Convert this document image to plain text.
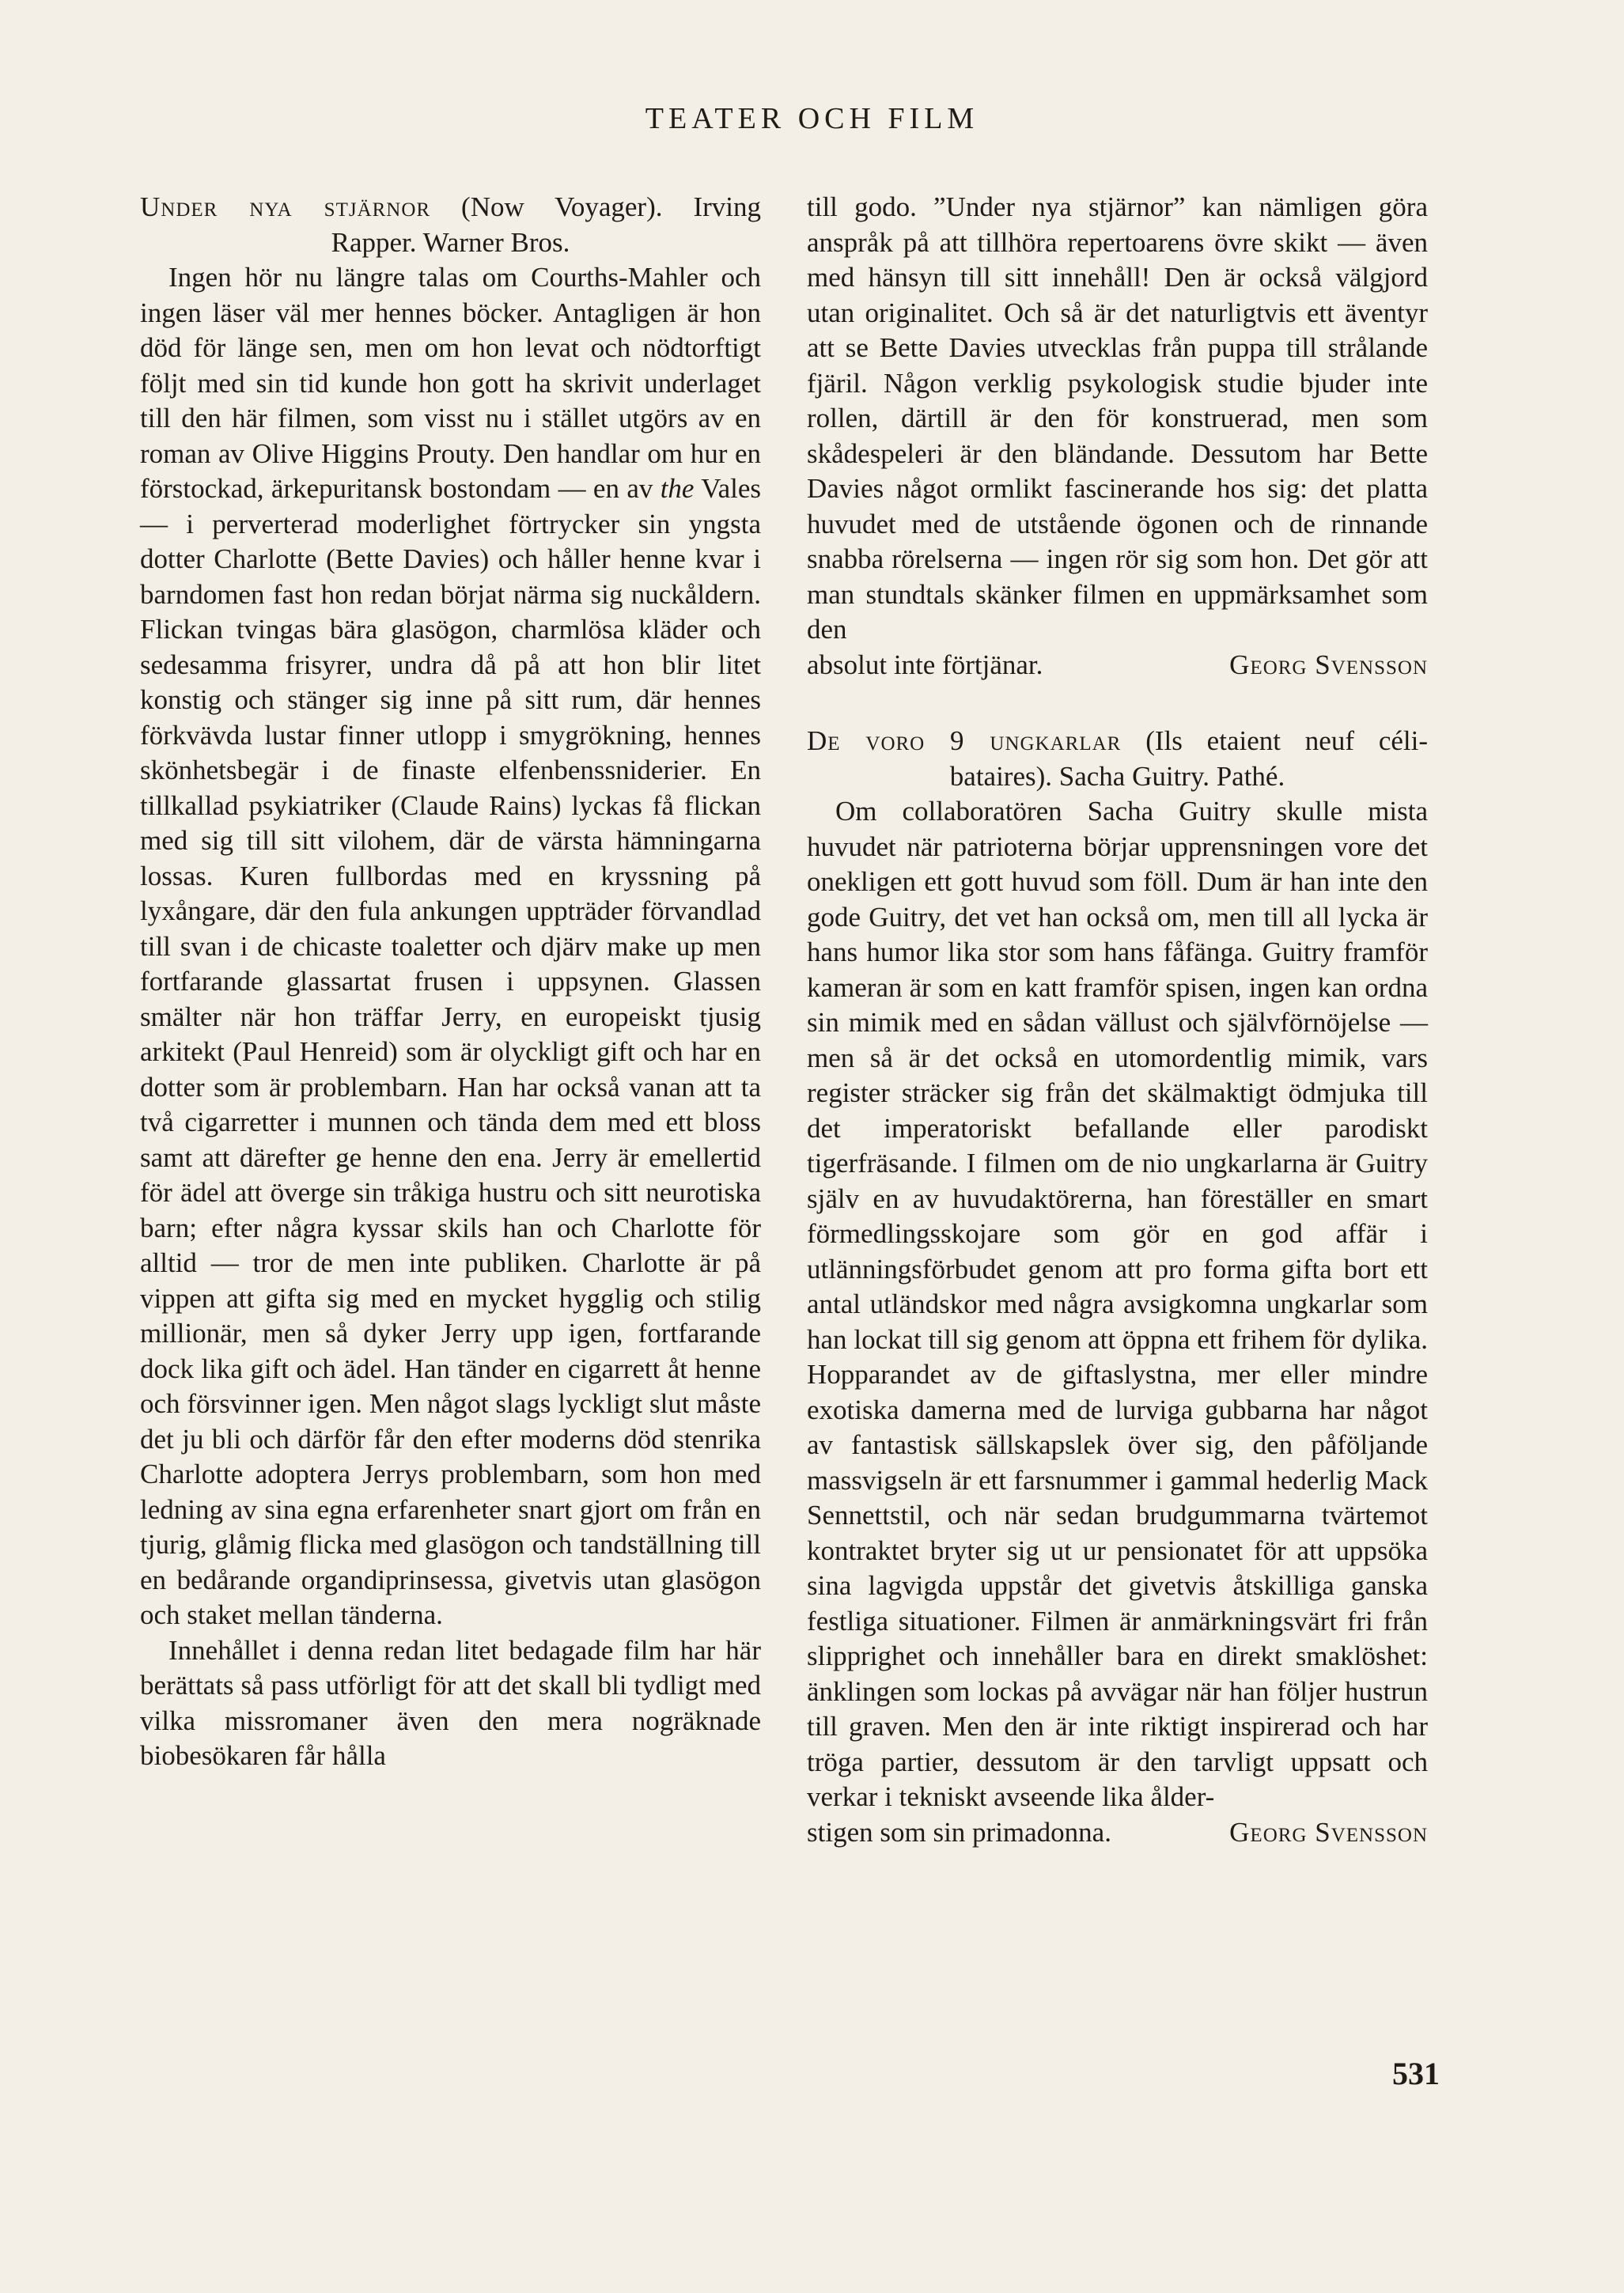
TEATER OCH FILM

Under nya stjärnor (Now Voyager). Irving

Rapper. Warner Bros.

Ingen hör nu längre talas om Courths-Mahler och ingen läser väl mer hennes böcker. Antagligen är hon död för länge sen, men om hon levat och nödtorftigt följt med sin tid kunde hon gott ha skrivit underlaget till den här filmen, som visst nu i stället utgörs av en roman av Olive Higgins Prouty. Den handlar om hur en förstockad, ärkepuritansk bostondam — en av the Vales — i perverterad moderlighet förtrycker sin yngsta dotter Charlotte (Bette Davies) och håller henne kvar i barndomen fast hon redan börjat närma sig nuckåldern. Flickan tvingas bära glasögon, charmlösa kläder och sedesamma frisyrer, undra då på att hon blir litet konstig och stänger sig inne på sitt rum, där hennes förkvävda lustar finner utlopp i smygrökning, hennes skönhetsbegär i de finaste elfenbenssniderier. En tillkallad psykiatriker (Claude Rains) lyckas få flickan med sig till sitt vilohem, där de värsta hämningarna lossas. Kuren fullbordas med en kryssning på lyxångare, där den fula ankungen uppträder förvandlad till svan i de chicaste toaletter och djärv make up men fortfarande glassartat frusen i uppsynen. Glassen smälter när hon träffar Jerry, en europeiskt tjusig arkitekt (Paul Henreid) som är olyckligt gift och har en dotter som är problembarn. Han har också vanan att ta två cigarretter i munnen och tända dem med ett bloss samt att därefter ge henne den ena. Jerry är emellertid för ädel att överge sin tråkiga hustru och sitt neurotiska barn; efter några kyssar skils han och Charlotte för alltid — tror de men inte publiken. Charlotte är på vippen att gifta sig med en mycket hygglig och stilig millionär, men så dyker Jerry upp igen, fortfarande dock lika gift och ädel. Han tänder en cigarrett åt henne och försvinner igen. Men något slags lyckligt slut måste det ju bli och därför får den efter moderns död stenrika Charlotte adoptera Jerrys problembarn, som hon med ledning av sina egna erfarenheter snart gjort om från en tjurig, glåmig flicka med glasögon och tandställning till en bedårande organdiprinsessa, givetvis utan glasögon och staket mellan tänderna.

Innehållet i denna redan litet bedagade film har här berättats så pass utförligt för att det skall bli tydligt med vilka missromaner även den mera nogräknade biobesökaren får hålla

till godo. ”Under nya stjärnor” kan nämligen göra anspråk på att tillhöra repertoarens övre skikt — även med hänsyn till sitt innehåll! Den är också välgjord utan originalitet. Och så är det naturligtvis ett äventyr att se Bette Davies utvecklas från puppa till strålande fjäril. Någon verklig psykologisk studie bjuder inte rollen, därtill är den för konstruerad, men som skådespeleri är den bländande. Dessutom har Bette Davies något ormlikt fascinerande hos sig: det platta huvudet med de utstående ögonen och de rinnande snabba rörelserna — ingen rör sig som hon. Det gör att man stundtals skänker filmen en uppmärksamhet som den

absolut inte förtjänar.	Georg Svensson

De voro 9 ungkarlar (Ils etaient neuf céli-

bataires). Sacha Guitry. Pathé.

Om collaboratören Sacha Guitry skulle mista huvudet när patrioterna börjar upprensningen vore det onekligen ett gott huvud som föll. Dum är han inte den gode Guitry, det vet han också om, men till all lycka är hans humor lika stor som hans fåfänga. Guitry framför kameran är som en katt framför spisen, ingen kan ordna sin mimik med en sådan vällust och självförnöjelse — men så är det också en utomordentlig mimik, vars register sträcker sig från det skälmaktigt ödmjuka till det imperatoriskt befallande eller parodiskt tigerfräsande. I filmen om de nio ungkarlarna är Guitry själv en av huvudaktörerna, han föreställer en smart förmedlingsskojare som gör en god affär i utlänningsförbudet genom att pro forma gifta bort ett antal utländskor med några avsigkomna ungkarlar som han lockat till sig genom att öppna ett frihem för dylika. Hopparandet av de giftaslystna, mer eller mindre exotiska damerna med de lurviga gubbarna har något av fantastisk sällskapslek över sig, den påföljande massvigseln är ett farsnummer i gammal hederlig Mack Sennettstil, och när sedan brudgummarna tvärtemot kontraktet bryter sig ut ur pensionatet för att uppsöka sina lagvigda uppstår det givetvis åtskilliga ganska festliga situationer. Filmen är anmärkningsvärt fri från slipprighet och innehåller bara en direkt smaklöshet: änklingen som lockas på avvägar när han följer hustrun till graven. Men den är inte riktigt inspirerad och har tröga partier, dessutom är den tarvligt uppsatt och verkar i tekniskt avseende lika ålder-

stigen som sin primadonna.	Georg Svensson
531
